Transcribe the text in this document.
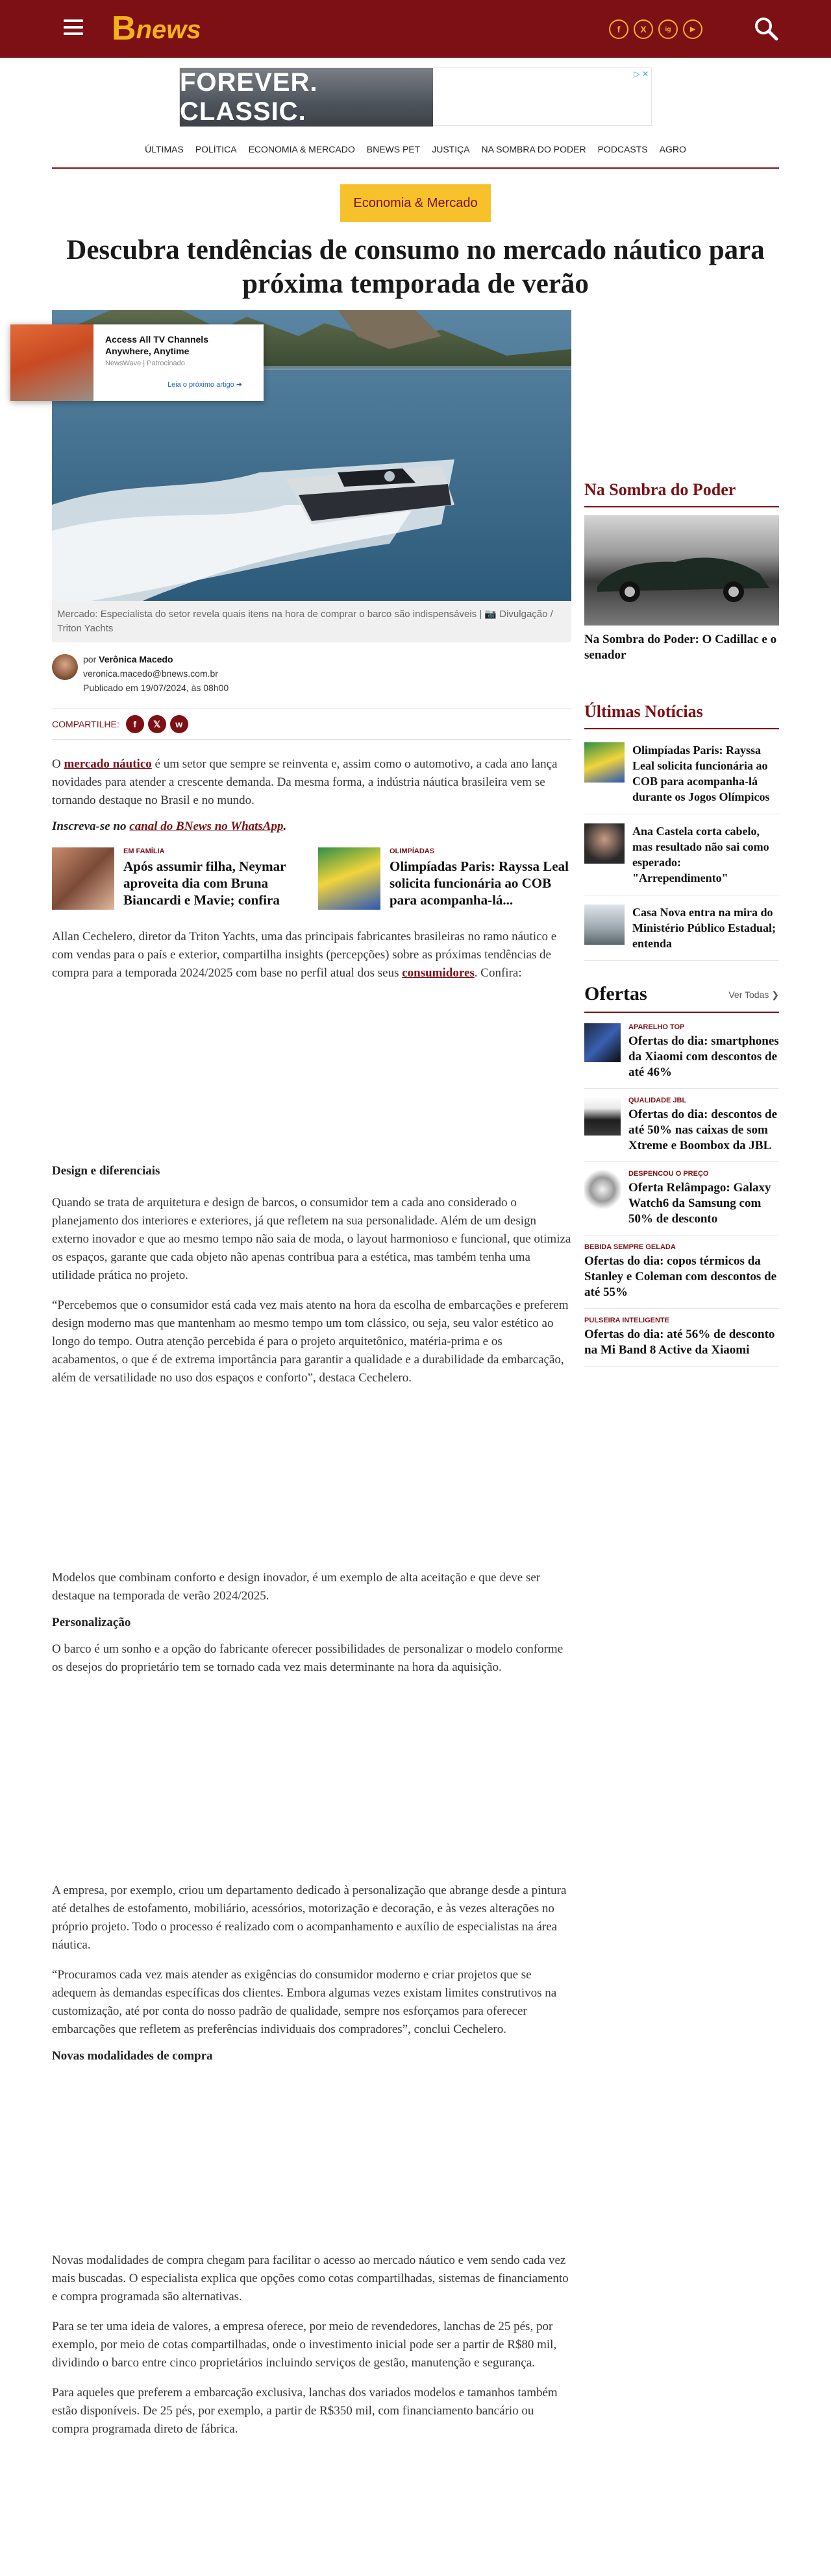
B news	f	X	ig	▶
FOREVER. CLASSIC.
▷ ✕
ÚLTIMAS	POLÍTICA	ECONOMIA & MERCADO	BNEWS PET	JUSTIÇA	NA SOMBRA DO PODER	PODCASTS	AGRO
Economia & Mercado
Descubra tendências de consumo no mercado náutico para próxima temporada de verão
Mercado: Especialista do setor revela quais itens na hora de comprar o barco são indispensáveis | 📷 Divulgação / Triton Yachts
por Verônica Macedo
veronica.macedo@bnews.com.br
Publicado em 19/07/2024, às 08h00
COMPARTILHE:	f	𝕏	w

O mercado náutico é um setor que sempre se reinventa e, assim como o automotivo, a cada ano lança novidades para atender a crescente demanda. Da mesma forma, a indústria náutica brasileira vem se tornando destaque no Brasil e no mundo.

Inscreva-se no canal do BNews no WhatsApp.

EM FAMÍLIA
Após assumir filha, Neymar aproveita dia com Bruna Biancardi e Mavie; confira
OLIMPÍADAS
Olimpíadas Paris: Rayssa Leal solicita funcionária ao COB para acompanha-lá...

Allan Cechelero, diretor da Triton Yachts, uma das principais fabricantes brasileiras no ramo náutico e com vendas para o país e exterior, compartilha insights (percepções) sobre as próximas tendências de compra para a temporada 2024/2025 com base no perfil atual dos seus consumidores. Confira:

Design e diferenciais

Quando se trata de arquitetura e design de barcos, o consumidor tem a cada ano considerado o planejamento dos interiores e exteriores, já que refletem na sua personalidade. Além de um design externo inovador e que ao mesmo tempo não saia de moda, o layout harmonioso e funcional, que otimiza os espaços, garante que cada objeto não apenas contribua para a estética, mas também tenha uma utilidade prática no projeto.

“Percebemos que o consumidor está cada vez mais atento na hora da escolha de embarcações e preferem design moderno mas que mantenham ao mesmo tempo um tom clássico, ou seja, seu valor estético ao longo do tempo. Outra atenção percebida é para o projeto arquitetônico, matéria-prima e os acabamentos, o que é de extrema importância para garantir a qualidade e a durabilidade da embarcação, além de versatilidade no uso dos espaços e conforto”, destaca Cechelero.

Modelos que combinam conforto e design inovador, é um exemplo de alta aceitação e que deve ser destaque na temporada de verão 2024/2025.

Personalização

O barco é um sonho e a opção do fabricante oferecer possibilidades de personalizar o modelo conforme os desejos do proprietário tem se tornado cada vez mais determinante na hora da aquisição.

A empresa, por exemplo, criou um departamento dedicado à personalização que abrange desde a pintura até detalhes de estofamento, mobiliário, acessórios, motorização e decoração, e às vezes alterações no próprio projeto. Todo o processo é realizado com o acompanhamento e auxílio de especialistas na área náutica.

“Procuramos cada vez mais atender as exigências do consumidor moderno e criar projetos que se adequem às demandas específicas dos clientes. Embora algumas vezes existam limites construtivos na customização, até por conta do nosso padrão de qualidade, sempre nos esforçamos para oferecer embarcações que refletem as preferências individuais dos compradores”, conclui Cechelero.

Novas modalidades de compra

Novas modalidades de compra chegam para facilitar o acesso ao mercado náutico e vem sendo cada vez mais buscadas. O especialista explica que opções como cotas compartilhadas, sistemas de financiamento e compra programada são alternativas.

Para se ter uma ideia de valores, a empresa oferece, por meio de revendedores, lanchas de 25 pés, por exemplo, por meio de cotas compartilhadas, onde o investimento inicial pode ser a partir de R$80 mil, dividindo o barco entre cinco proprietários incluindo serviços de gestão, manutenção e segurança.

Para aqueles que preferem a embarcação exclusiva, lanchas dos variados modelos e tamanhos também estão disponíveis. De 25 pés, por exemplo, a partir de R$350 mil, com financiamento bancário ou compra programada direto de fábrica.

Access All TV Channels Anywhere, Anytime
NewsWave | Patrocinado
Leia o próximo artigo ➜
Na Sombra do Poder
Na Sombra do Poder: O Cadillac e o senador
Últimas Notícias
Olimpíadas Paris: Rayssa Leal solicita funcionária ao COB para acompanha-lá durante os Jogos Olímpicos
Ana Castela corta cabelo, mas resultado não sai como esperado: "Arrependimento"
Casa Nova entra na mira do Ministério Público Estadual; entenda
Ofertas	Ver Todas ❯
APARELHO TOP
Ofertas do dia: smartphones da Xiaomi com descontos de até 46%
QUALIDADE JBL
Ofertas do dia: descontos de até 50% nas caixas de som Xtreme e Boombox da JBL
DESPENCOU O PREÇO
Oferta Relâmpago: Galaxy Watch6 da Samsung com 50% de desconto
BEBIDA SEMPRE GELADA
Ofertas do dia: copos térmicos da Stanley e Coleman com descontos de até 55%
PULSEIRA INTELIGENTE
Ofertas do dia: até 56% de desconto na Mi Band 8 Active da Xiaomi
